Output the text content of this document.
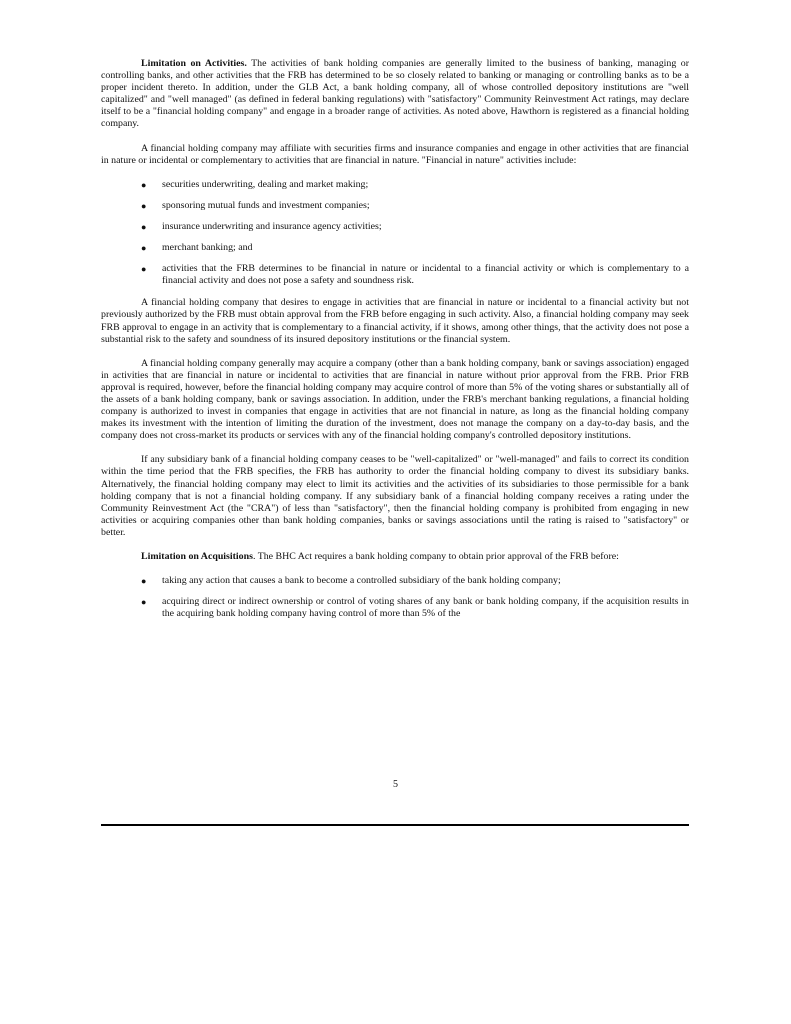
Limitation on Activities. The activities of bank holding companies are generally limited to the business of banking, managing or controlling banks, and other activities that the FRB has determined to be so closely related to banking or managing or controlling banks as to be a proper incident thereto. In addition, under the GLB Act, a bank holding company, all of whose controlled depository institutions are "well capitalized" and "well managed" (as defined in federal banking regulations) with "satisfactory" Community Reinvestment Act ratings, may declare itself to be a "financial holding company" and engage in a broader range of activities. As noted above, Hawthorn is registered as a financial holding company.

A financial holding company may affiliate with securities firms and insurance companies and engage in other activities that are financial in nature or incidental or complementary to activities that are financial in nature. "Financial in nature" activities include:

● securities underwriting, dealing and market making;
● sponsoring mutual funds and investment companies;
● insurance underwriting and insurance agency activities;
● merchant banking; and
● activities that the FRB determines to be financial in nature or incidental to a financial activity or which is complementary to a financial activity and does not pose a safety and soundness risk.

A financial holding company that desires to engage in activities that are financial in nature or incidental to a financial activity but not previously authorized by the FRB must obtain approval from the FRB before engaging in such activity. Also, a financial holding company may seek FRB approval to engage in an activity that is complementary to a financial activity, if it shows, among other things, that the activity does not pose a substantial risk to the safety and soundness of its insured depository institutions or the financial system.

A financial holding company generally may acquire a company (other than a bank holding company, bank or savings association) engaged in activities that are financial in nature or incidental to activities that are financial in nature without prior approval from the FRB. Prior FRB approval is required, however, before the financial holding company may acquire control of more than 5% of the voting shares or substantially all of the assets of a bank holding company, bank or savings association. In addition, under the FRB's merchant banking regulations, a financial holding company is authorized to invest in companies that engage in activities that are not financial in nature, as long as the financial holding company makes its investment with the intention of limiting the duration of the investment, does not manage the company on a day-to-day basis, and the company does not cross-market its products or services with any of the financial holding company's controlled depository institutions.

If any subsidiary bank of a financial holding company ceases to be "well-capitalized" or "well-managed" and fails to correct its condition within the time period that the FRB specifies, the FRB has authority to order the financial holding company to divest its subsidiary banks. Alternatively, the financial holding company may elect to limit its activities and the activities of its subsidiaries to those permissible for a bank holding company that is not a financial holding company. If any subsidiary bank of a financial holding company receives a rating under the Community Reinvestment Act (the "CRA") of less than "satisfactory", then the financial holding company is prohibited from engaging in new activities or acquiring companies other than bank holding companies, banks or savings associations until the rating is raised to "satisfactory" or better.

Limitation on Acquisitions. The BHC Act requires a bank holding company to obtain prior approval of the FRB before:

● taking any action that causes a bank to become a controlled subsidiary of the bank holding company;
● acquiring direct or indirect ownership or control of voting shares of any bank or bank holding company, if the acquisition results in the acquiring bank holding company having control of more than 5% of the
5
